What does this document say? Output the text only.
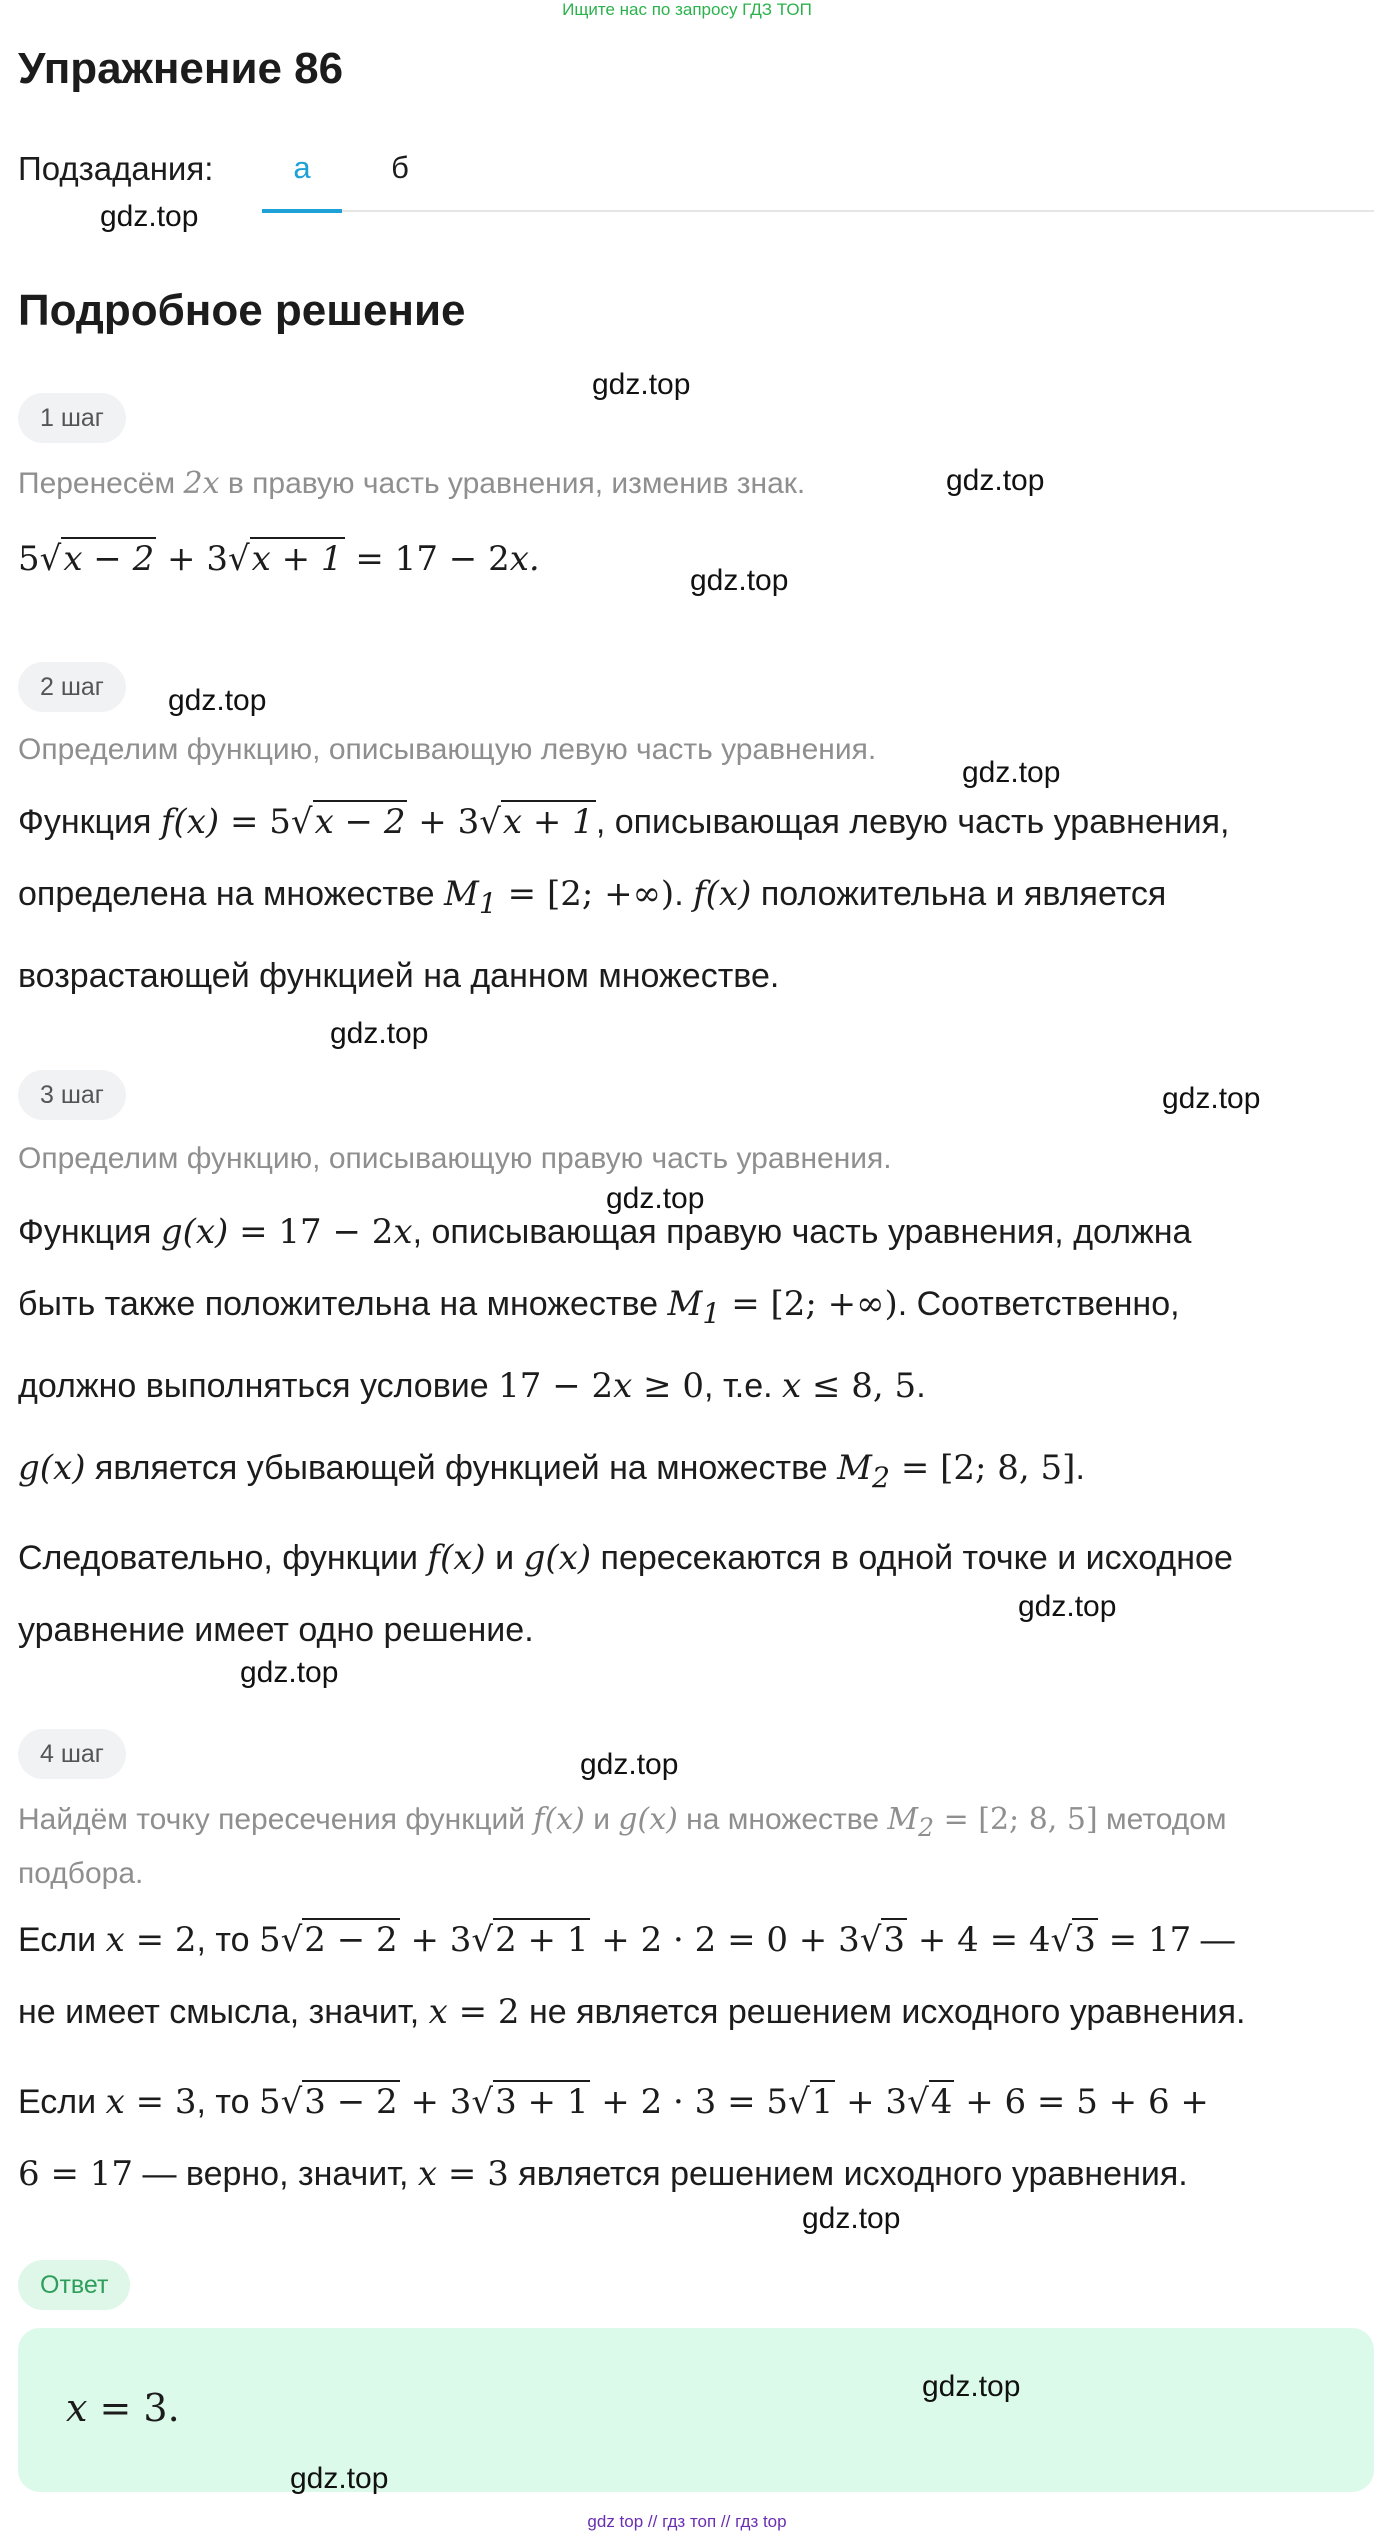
Ищите нас по запросу ГДЗ ТОП
Упражнение 86
Подзадания:	а	б
gdz.top
Подробное решение
1 шаг
gdz.top
Перенесём 2x в правую часть уравнения, изменив знак.	gdz.top
5√x − 2 + 3√x + 1 = 17 − 2x.
gdz.top
2 шаг	gdz.top
Определим функцию, описывающую левую часть уравнения.
gdz.top
Функция f(x) = 5√x − 2 + 3√x + 1, описывающая левую часть уравнения,
определена на множестве $M_1 = [2$; +∞). f(x) положительна и является
возрастающей функцией на данном множестве.
gdz.top
3 шаг	gdz.top
Определим функцию, описывающую правую часть уравнения.
gdz.top
Функция g(x) = 17 − 2x, описывающая правую часть уравнения, должна
быть также положительна на множестве $M_1 = [2$; +∞). Соответственно,
должно выполняться условие 17 − 2x ≥ 0, т.е. x ≤ 8, 5.
g(x) является убывающей функцией на множестве $M_2 = [2$; 8, 5].
Следовательно, функции f(x) и g(x) пересекаются в одной точке и исходное
уравнение имеет одно решение.
gdz.top
gdz.top
4 шаг	gdz.top
Найдём точку пересечения функций f(x) и g(x) на множестве $M_2 = [2$; 8, 5] методом
подбора.
Если x = 2, то 5√2 − 2 + 3√2 + 1 + 2 · 2 = 0 + 3√3 + 4 = 4√3 = 17 —
не имеет смысла, значит, x = 2 не является решением исходного уравнения.
Если x = 3, то 5√3 − 2 + 3√3 + 1 + 2 · 3 = 5√1 + 3√4 + 6 = 5 + 6 +
6 = 17 — верно, значит, x = 3 является решением исходного уравнения.
gdz.top
Ответ
x = 3.	gdz.top
gdz.top
gdz top // гдз топ // гдз top
